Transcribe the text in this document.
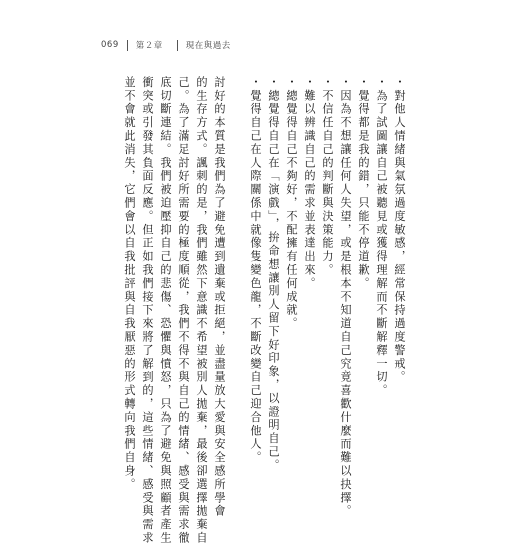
069 第２章	現在與過去
・對他人情緒與氣氛過度敏感，經常保持過度警戒。
・為了試圖讓自己被聽見或獲得理解而不斷解釋一切。
・覺得都是我的錯，只能不停道歉。
・因為不想讓任何人失望，或是根本不知道自己究竟喜歡什麼而難以抉擇。
・不信任自己的判斷與決策能力。
・難以辨識自己的需求並表達出來。
・總覺得自己不夠好，不配擁有任何成就。
・總覺得自己在「演戲」，拚命想讓別人留下好印象，以證明自己。
・覺得自己在人際關係中就像隻變色龍，不斷改變自己迎合他人。
討好的本質是我們為了避免遭到遺棄或拒絕，並盡量放大愛與安全感所學會
的生存方式。諷刺的是，我們雖然下意識不希望被別人拋棄，最後卻選擇拋棄自
己。為了滿足討好所需要的極度順從，我們不得不與自己的情緒、感受與需求徹
底切斷連結。我們被迫壓抑自己的悲傷、恐懼與憤怒，只為了避免與照顧者產生
衝突或引發其負面反應。但正如我們接下來將了解到的，這些情緒、感受與需求
並不會就此消失，它們會以自我批評與自我厭惡的形式轉向我們自身。
